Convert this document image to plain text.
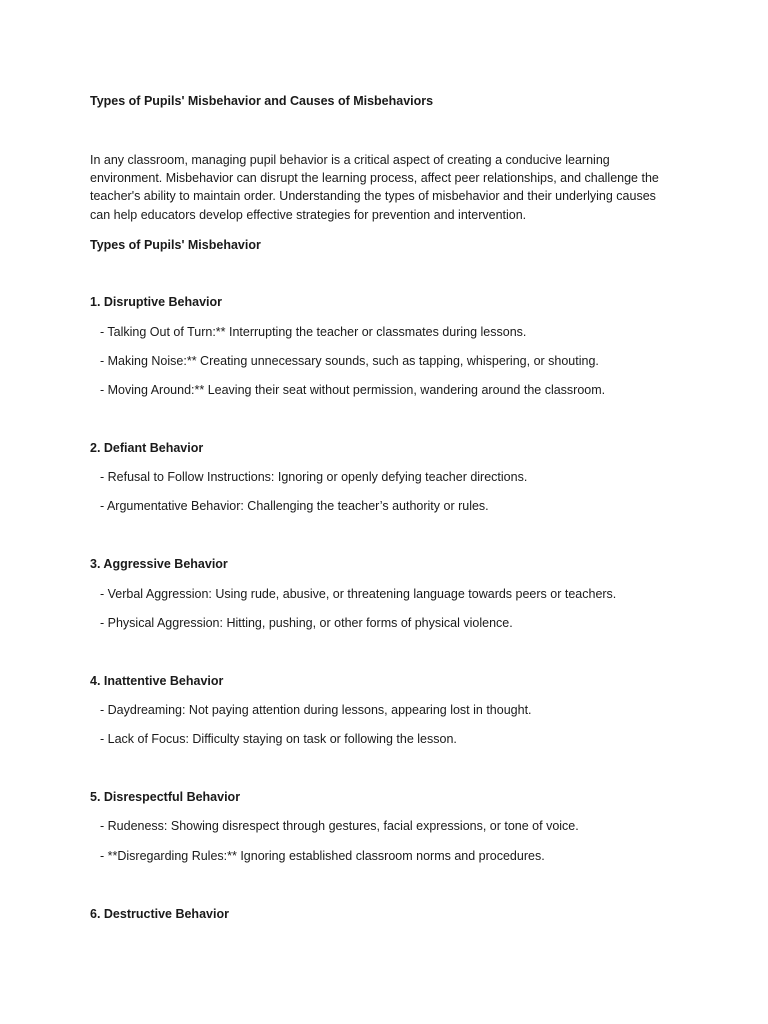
Types of Pupils' Misbehavior and Causes of Misbehaviors
In any classroom, managing pupil behavior is a critical aspect of creating a conducive learning
environment. Misbehavior can disrupt the learning process, affect peer relationships, and challenge the
teacher's ability to maintain order. Understanding the types of misbehavior and their underlying causes
can help educators develop effective strategies for prevention and intervention.
Types of Pupils' Misbehavior
1. Disruptive Behavior
- Talking Out of Turn:** Interrupting the teacher or classmates during lessons.
- Making Noise:** Creating unnecessary sounds, such as tapping, whispering, or shouting.
- Moving Around:** Leaving their seat without permission, wandering around the classroom.
2. Defiant Behavior
- Refusal to Follow Instructions: Ignoring or openly defying teacher directions.
- Argumentative Behavior: Challenging the teacher’s authority or rules.
3. Aggressive Behavior
- Verbal Aggression: Using rude, abusive, or threatening language towards peers or teachers.
- Physical Aggression: Hitting, pushing, or other forms of physical violence.
4. Inattentive Behavior
- Daydreaming: Not paying attention during lessons, appearing lost in thought.
- Lack of Focus: Difficulty staying on task or following the lesson.
5. Disrespectful Behavior
- Rudeness: Showing disrespect through gestures, facial expressions, or tone of voice.
- **Disregarding Rules:** Ignoring established classroom norms and procedures.
6. Destructive Behavior
